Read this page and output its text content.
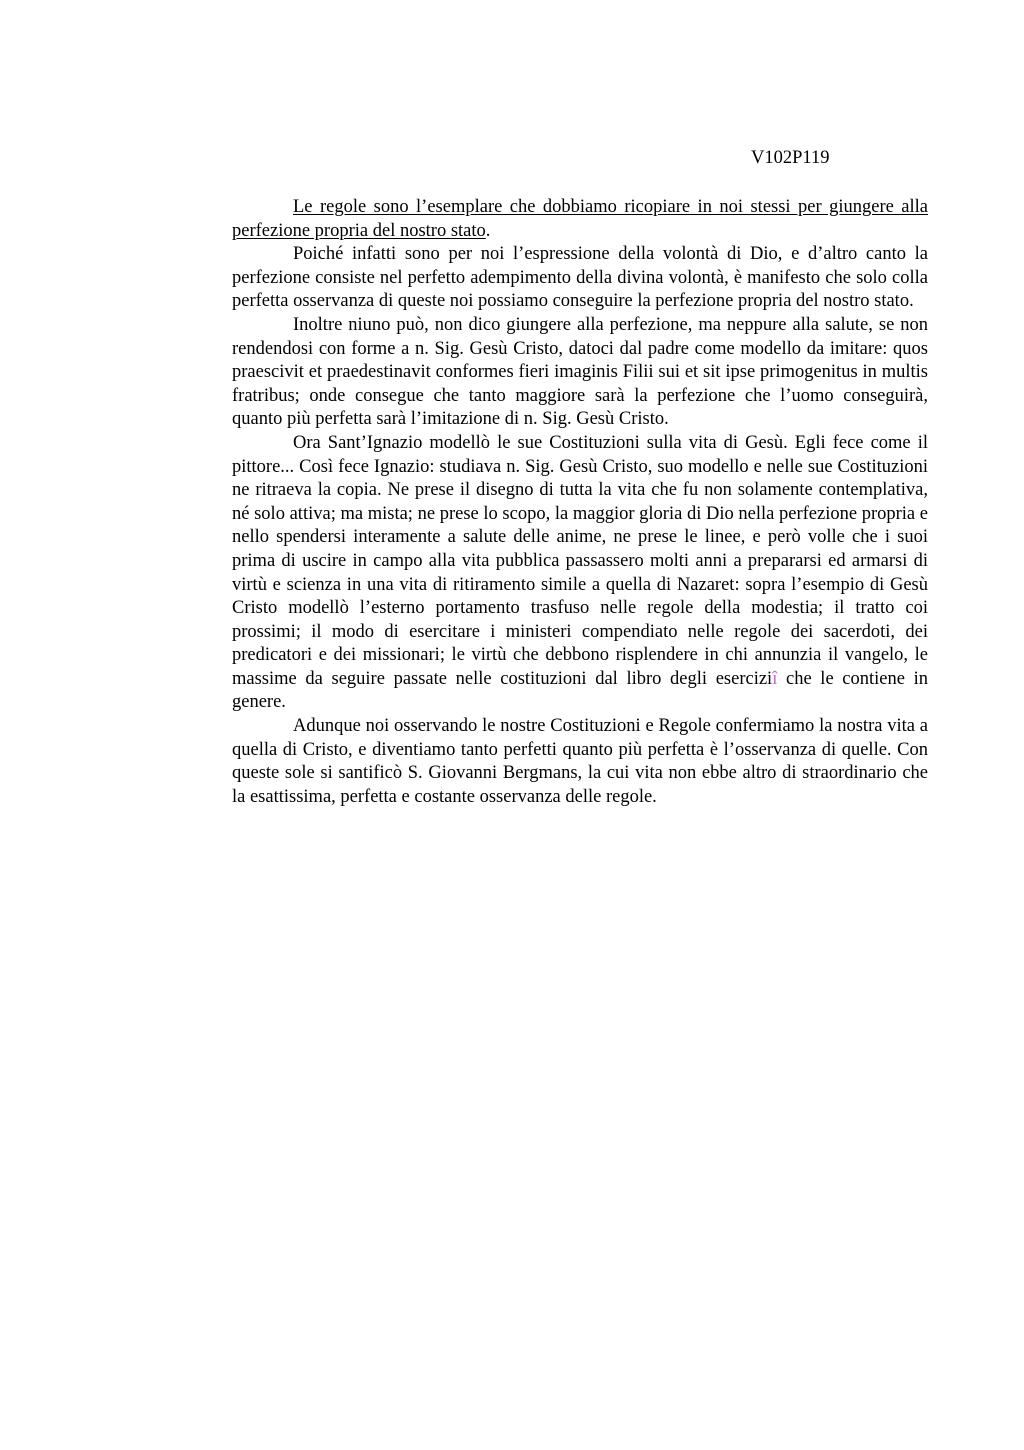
V102P119

Le regole sono l’esemplare che dobbiamo ricopiare in noi stessi per giungere alla perfezione propria del nostro stato.

Poiché infatti sono per noi l’espressione della volontà di Dio, e d’altro canto la perfezione consiste nel perfetto adempimento della divina volontà, è manifesto che solo colla perfetta osservanza di queste noi possiamo conseguire la perfezione propria del nostro stato.

Inoltre niuno può, non dico giungere alla perfezione, ma neppure alla salute, se non rendendosi con forme a n. Sig. Gesù Cristo, datoci dal padre come modello da imitare: quos praescivit et praedestinavit conformes fieri imaginis Filii sui et sit ipse primogenitus in multis fratribus; onde consegue che tanto maggiore sarà la perfezione che l’uomo conseguirà, quanto più perfetta sarà l’imitazione di n. Sig. Gesù Cristo.

Ora Sant’Ignazio modellò le sue Costituzioni sulla vita di Gesù. Egli fece come il pittore... Così fece Ignazio: studiava n. Sig. Gesù Cristo, suo modello e nelle sue Costituzioni ne ritraeva la copia. Ne prese il disegno di tutta la vita che fu non solamente contemplativa, né solo attiva; ma mista; ne prese lo scopo, la maggior gloria di Dio nella perfezione propria e nello spendersi interamente a salute delle anime, ne prese le linee, e però volle che i suoi prima di uscire in campo alla vita pubblica passassero molti anni a prepararsi ed armarsi di virtù e scienza in una vita di ritiramento simile a quella di Nazaret: sopra l’esempio di Gesù Cristo modellò l’esterno portamento trasfuso nelle regole della modestia; il tratto coi prossimi; il modo di esercitare i ministeri compendiato nelle regole dei sacerdoti, dei predicatori e dei missionari; le virtù che debbono risplendere in chi annunzia il vangelo, le massime da seguire passate nelle costituzioni dal libro degli eserciziî che le contiene in genere.

Adunque noi osservando le nostre Costituzioni e Regole confermiamo la nostra vita a quella di Cristo, e diventiamo tanto perfetti quanto più perfetta è l’osservanza di quelle. Con queste sole si santificò S. Giovanni Bergmans, la cui vita non ebbe altro di straordinario che la esattissima, perfetta e costante osservanza delle regole.
